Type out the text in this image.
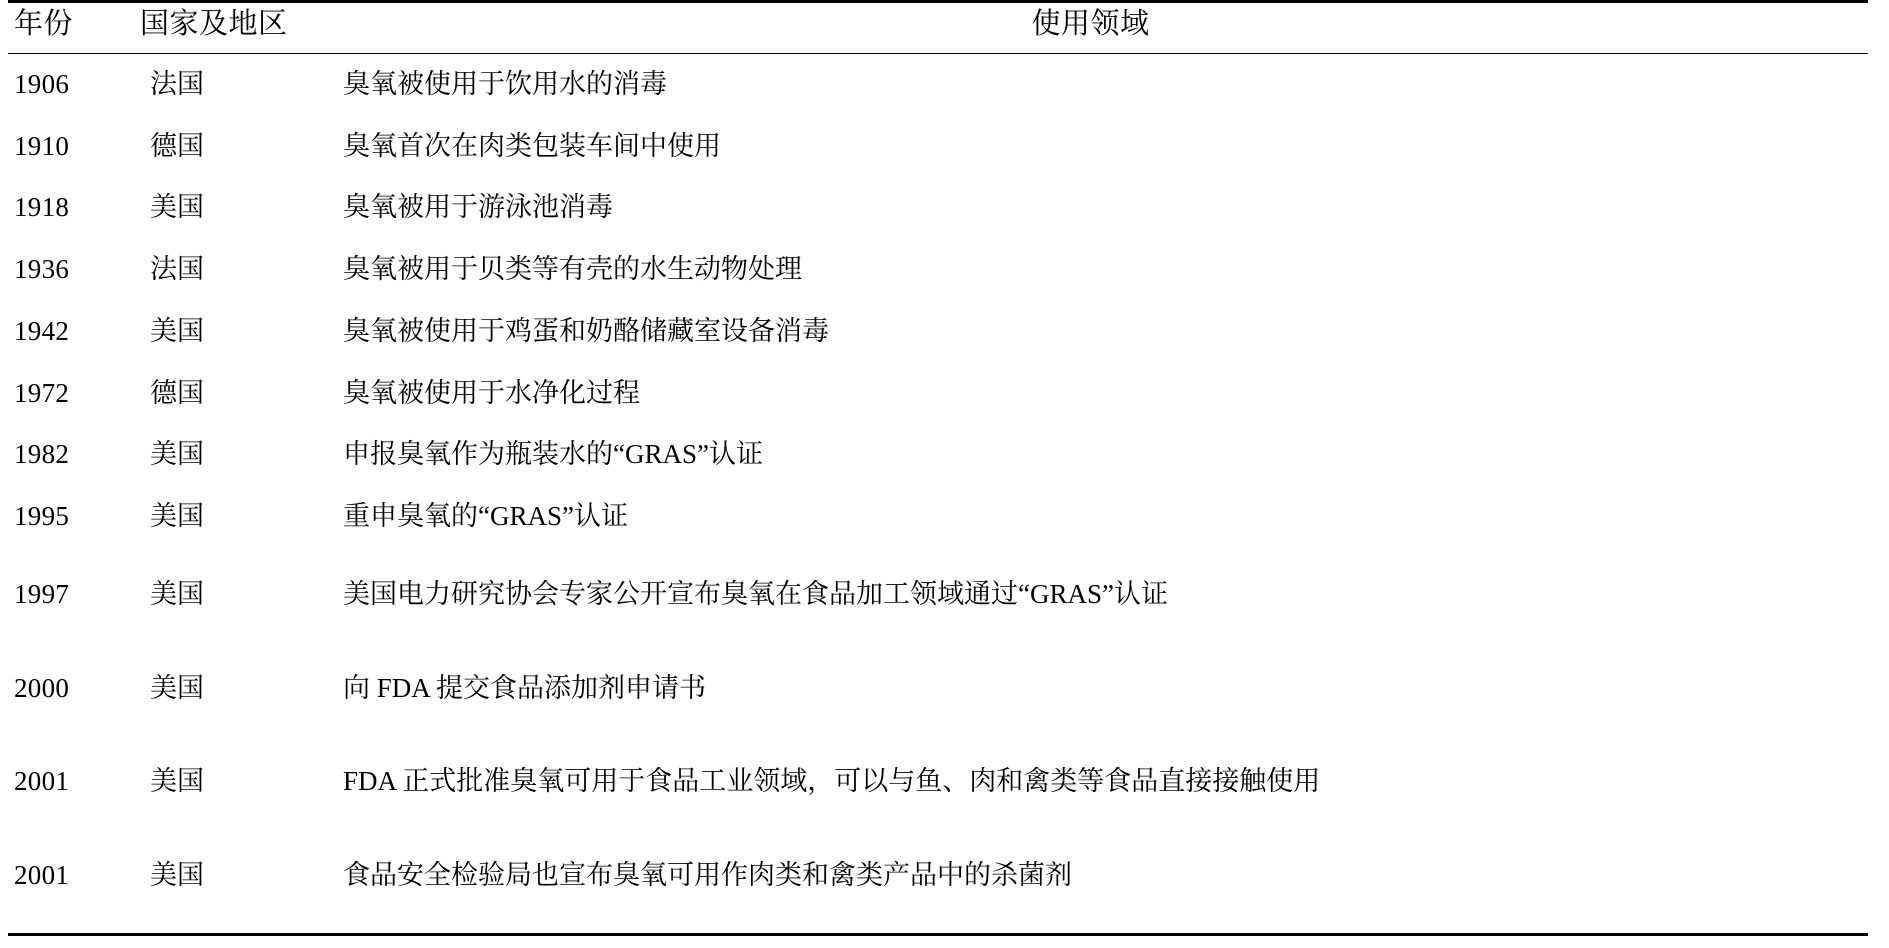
年份	国家及地区	使用领域
1906	法国	臭氧被使用于饮用水的消毒
1910	德国	臭氧首次在肉类包装车间中使用
1918	美国	臭氧被用于游泳池消毒
1936	法国	臭氧被用于贝类等有壳的水生动物处理
1942	美国	臭氧被使用于鸡蛋和奶酪储藏室设备消毒
1972	德国	臭氧被使用于水净化过程
1982	美国	申报臭氧作为瓶装水的“GRAS”认证
1995	美国	重申臭氧的“GRAS”认证
1997	美国	美国电力研究协会专家公开宣布臭氧在食品加工领域通过“GRAS”认证
2000	美国	向 FDA 提交食品添加剂申请书
2001	美国	FDA 正式批准臭氧可用于食品工业领域，可以与鱼、肉和禽类等食品直接接触使用
2001	美国	食品安全检验局也宣布臭氧可用作肉类和禽类产品中的杀菌剂
